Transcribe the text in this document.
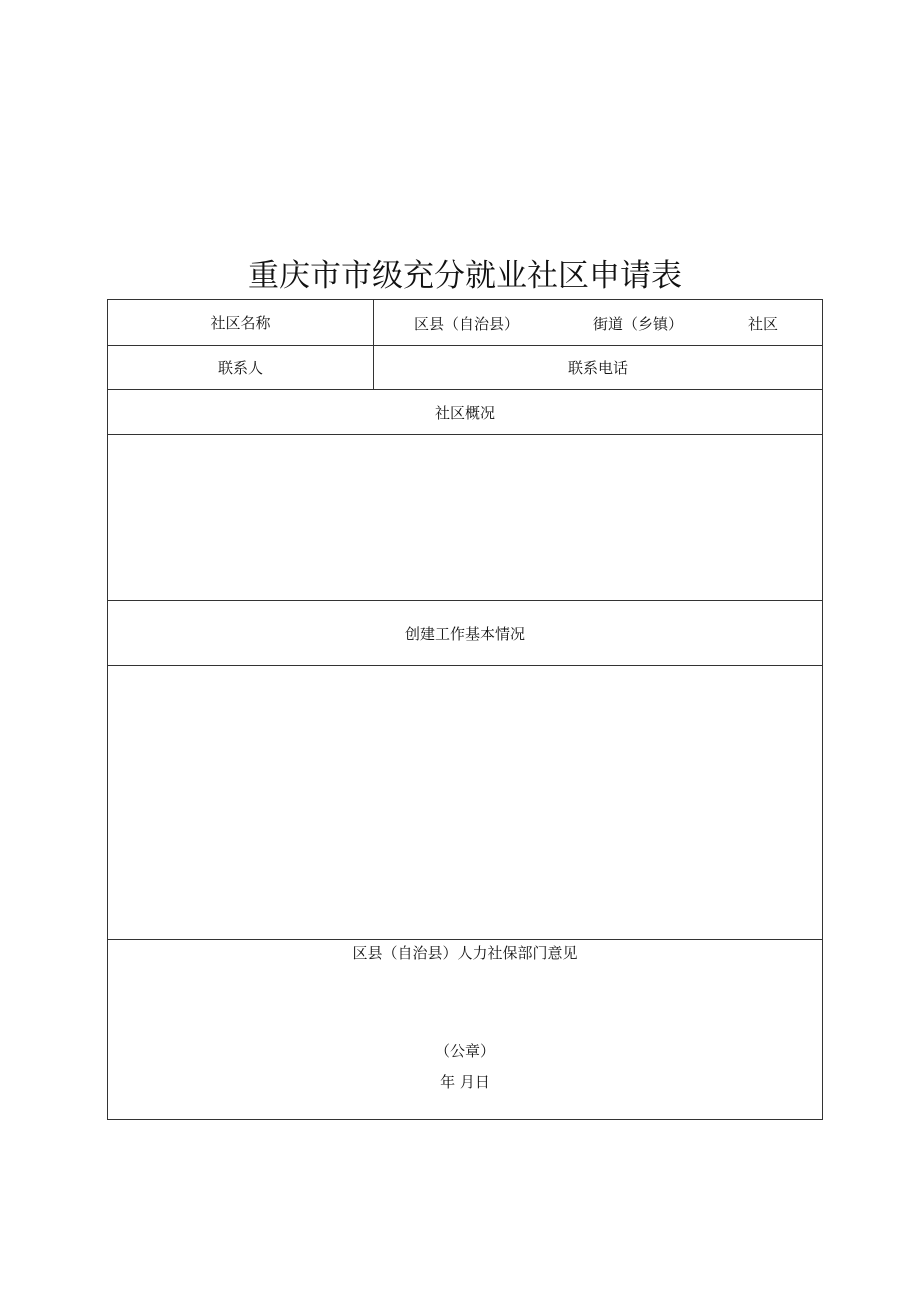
重庆市市级充分就业社区申请表
社区名称	区县（自治县） 街道（乡镇） 社区

联系人	联系电话
社区概况	

创建工作基本情况	

区县（自治县）人力社保部门意见
（公章）
年 月日	
